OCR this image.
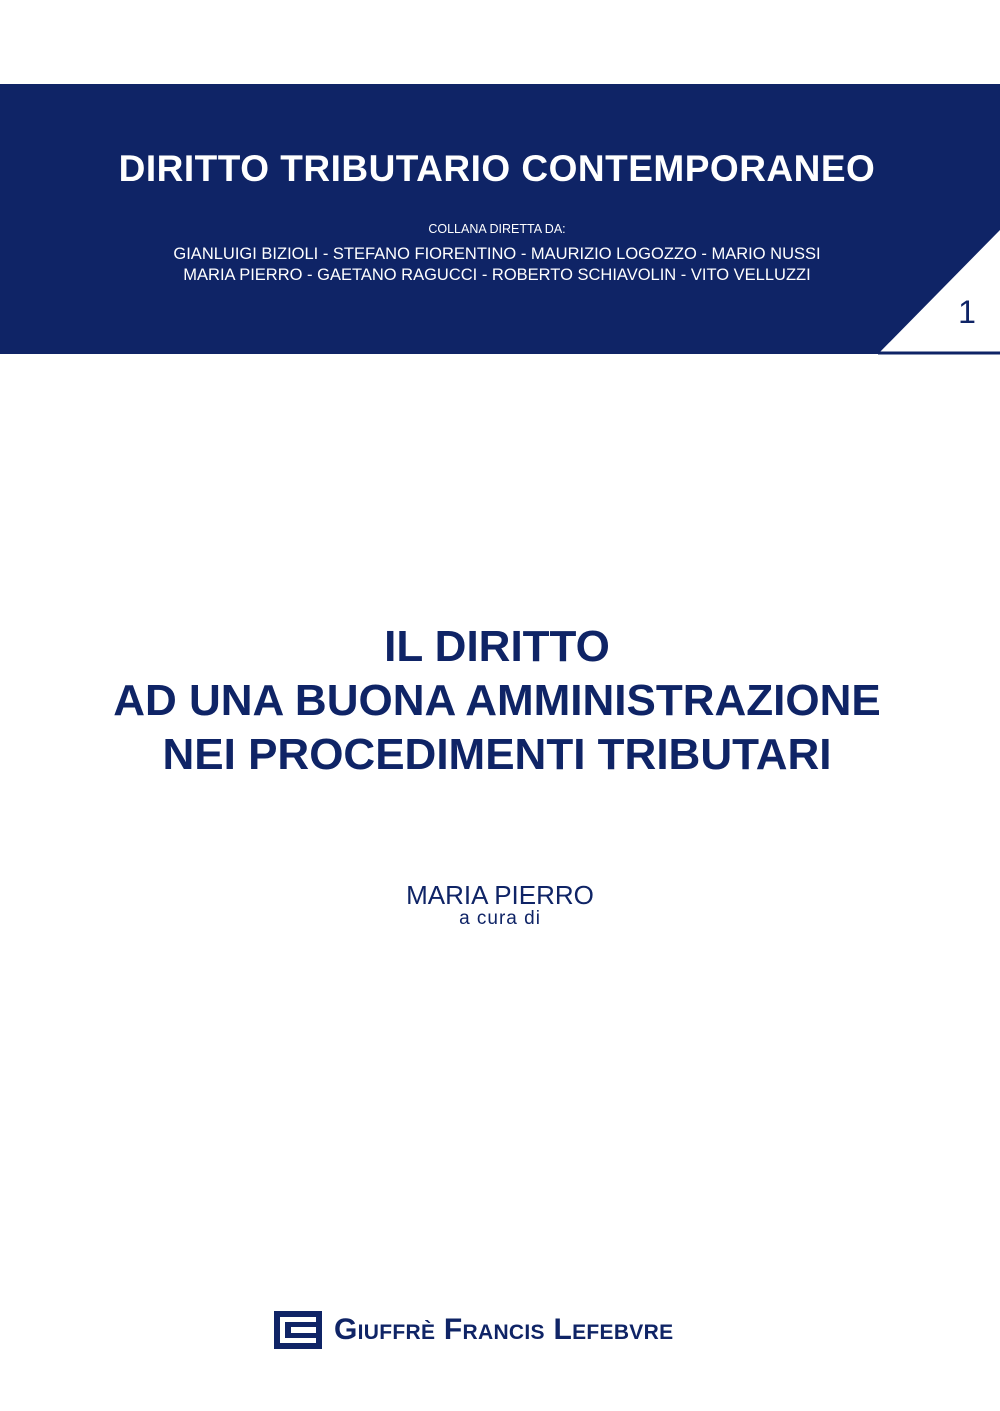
DIRITTO TRIBUTARIO CONTEMPORANEO
COLLANA DIRETTA DA:
GIANLUIGI BIZIOLI - STEFANO FIORENTINO - MAURIZIO LOGOZZO - MARIO NUSSI
MARIA PIERRO - GAETANO RAGUCCI - ROBERTO SCHIAVOLIN - VITO VELLUZZI
1
IL DIRITTO
AD UNA BUONA AMMINISTRAZIONE
NEI PROCEDIMENTI TRIBUTARI
MARIA PIERRO
a cura di
Giuffrè Francis Lefebvre
